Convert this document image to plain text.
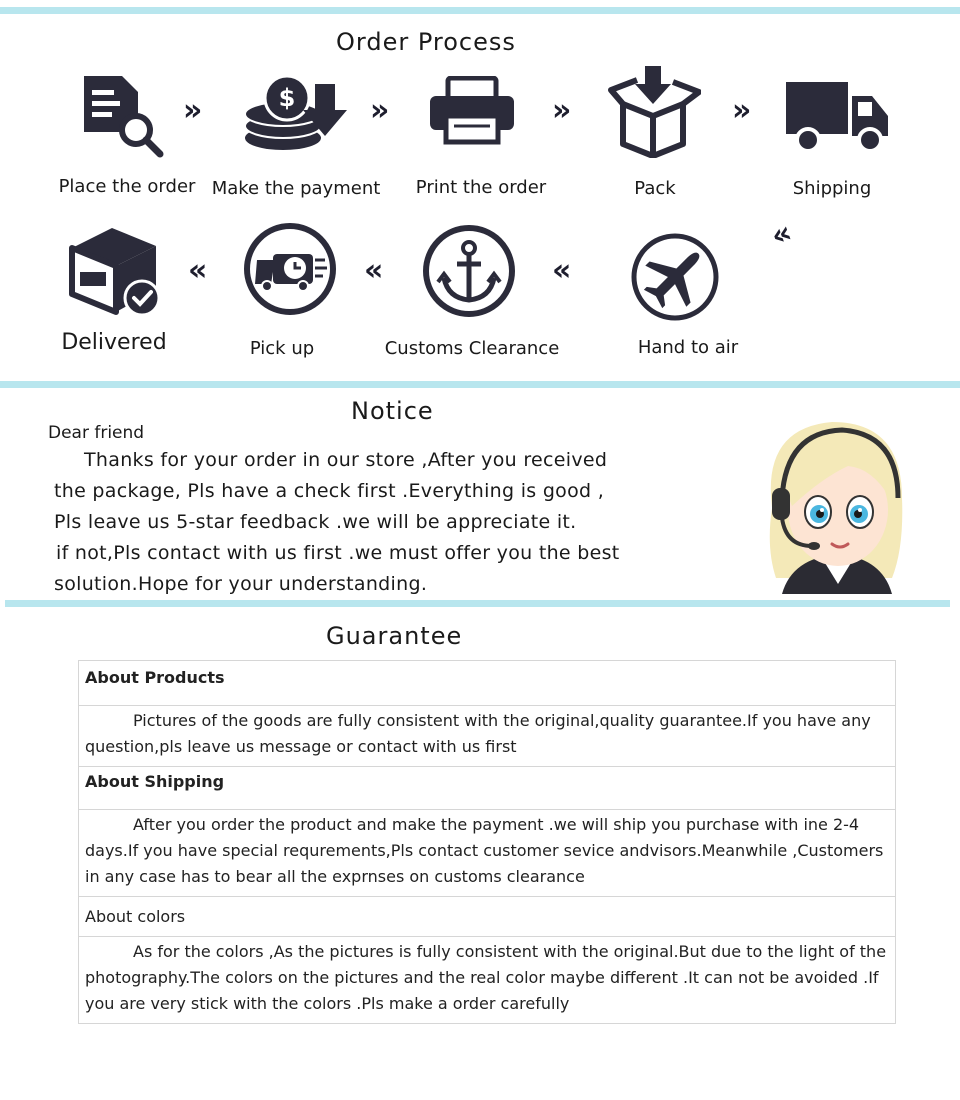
Order Process
»	$ »	»	»
Place the order Make the payment Print the order	Pack	Shipping
«
«	«	«
Delivered	Pick up	Customs Clearance	Hand to air
Notice
Dear friend
Thanks for your order in our store ,After you received
the package, Pls have a check first .Everything is good ,
Pls leave us 5-star feedback .we will be appreciate it.
if not,Pls contact with us first .we must offer you the best
solution.Hope for your understanding.
Guarantee
About Products
Pictures of the goods are fully consistent with the original,quality guarantee.If you have any question,pls leave us message or contact with us first
About Shipping
After you order the product and make the payment .we will ship you purchase with ine 2-4 days.If you have special requrements,Pls contact customer sevice andvisors.Meanwhile ,Customers in any case has to bear all the exprnses on customs clearance
About colors
As for the colors ,As the pictures is fully consistent with the original.But due to the light of the photography.The colors on the pictures and the real color maybe different .It can not be avoided .If you are very stick with the colors .Pls make a order carefully
